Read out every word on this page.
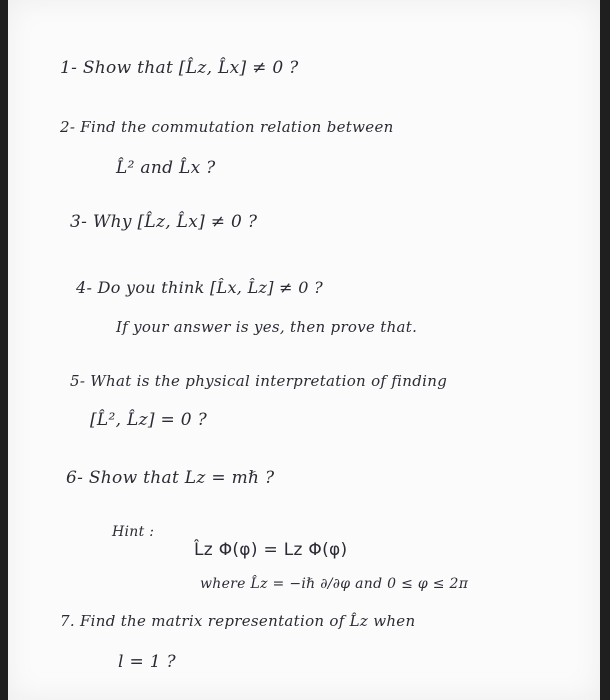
1- Show that [L̂z, L̂x] ≠ 0 ?
2- Find the commutation relation between
L̂² and L̂x ?
3- Why [L̂z, L̂x] ≠ 0 ?
4- Do you think [L̂x, L̂z] ≠ 0 ?
If your answer is yes, then prove that.
5- What is the physical interpretation of finding
[L̂², L̂z] = 0 ?
6- Show that Lz = mℏ ?
Hint :
L̂z Φ(φ) = Lz Φ(φ)
where L̂z = −iℏ ∂/∂φ and 0 ≤ φ ≤ 2π
7. Find the matrix representation of L̂z when
l = 1 ?
